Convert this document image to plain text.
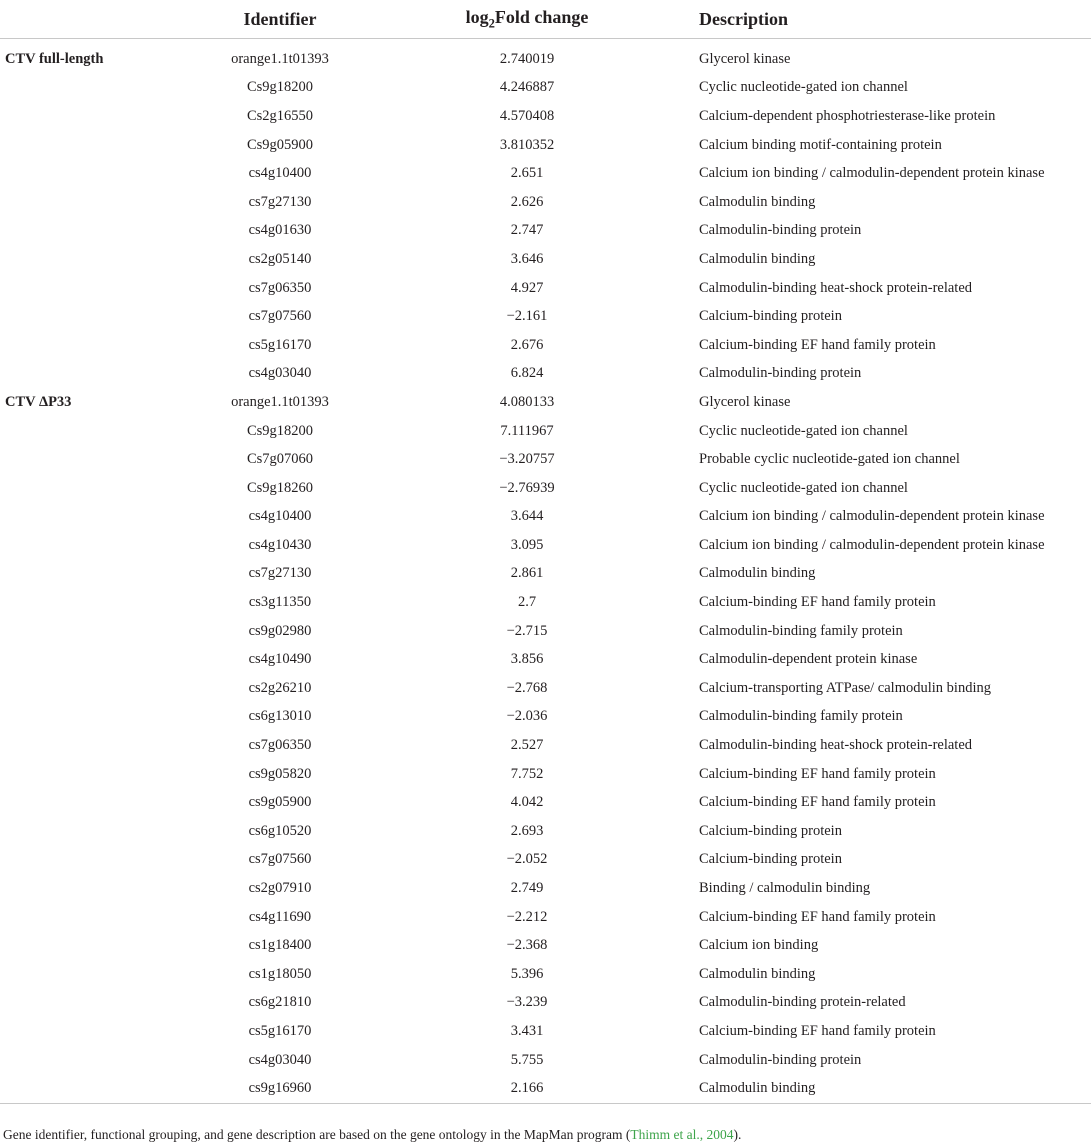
	Identifier	$\log_2Fold$ change	Description
CTV full-length	orange1.1t01393	2.740019	Glycerol kinase
	Cs9g18200	4.246887	Cyclic nucleotide-gated ion channel
	Cs2g16550	4.570408	Calcium-dependent phosphotriesterase-like protein
	Cs9g05900	3.810352	Calcium binding motif-containing protein
	cs4g10400	2.651	Calcium ion binding / calmodulin-dependent protein kinase
	cs7g27130	2.626	Calmodulin binding
	cs4g01630	2.747	Calmodulin-binding protein
	cs2g05140	3.646	Calmodulin binding
	cs7g06350	4.927	Calmodulin-binding heat-shock protein-related
	cs7g07560	−2.161	Calcium-binding protein
	cs5g16170	2.676	Calcium-binding EF hand family protein
	cs4g03040	6.824	Calmodulin-binding protein
CTV ΔP33	orange1.1t01393	4.080133	Glycerol kinase
	Cs9g18200	7.111967	Cyclic nucleotide-gated ion channel
	Cs7g07060	−3.20757	Probable cyclic nucleotide-gated ion channel
	Cs9g18260	−2.76939	Cyclic nucleotide-gated ion channel
	cs4g10400	3.644	Calcium ion binding / calmodulin-dependent protein kinase
	cs4g10430	3.095	Calcium ion binding / calmodulin-dependent protein kinase
	cs7g27130	2.861	Calmodulin binding
	cs3g11350	2.7	Calcium-binding EF hand family protein
	cs9g02980	−2.715	Calmodulin-binding family protein
	cs4g10490	3.856	Calmodulin-dependent protein kinase
	cs2g26210	−2.768	Calcium-transporting ATPase/ calmodulin binding
	cs6g13010	−2.036	Calmodulin-binding family protein
	cs7g06350	2.527	Calmodulin-binding heat-shock protein-related
	cs9g05820	7.752	Calcium-binding EF hand family protein
	cs9g05900	4.042	Calcium-binding EF hand family protein
	cs6g10520	2.693	Calcium-binding protein
	cs7g07560	−2.052	Calcium-binding protein
	cs2g07910	2.749	Binding / calmodulin binding
	cs4g11690	−2.212	Calcium-binding EF hand family protein
	cs1g18400	−2.368	Calcium ion binding
	cs1g18050	5.396	Calmodulin binding
	cs6g21810	−3.239	Calmodulin-binding protein-related
	cs5g16170	3.431	Calcium-binding EF hand family protein
	cs4g03040	5.755	Calmodulin-binding protein
	cs9g16960	2.166	Calmodulin binding
Gene identifier, functional grouping, and gene description are based on the gene ontology in the MapMan program (Thimm et al., 2004).
